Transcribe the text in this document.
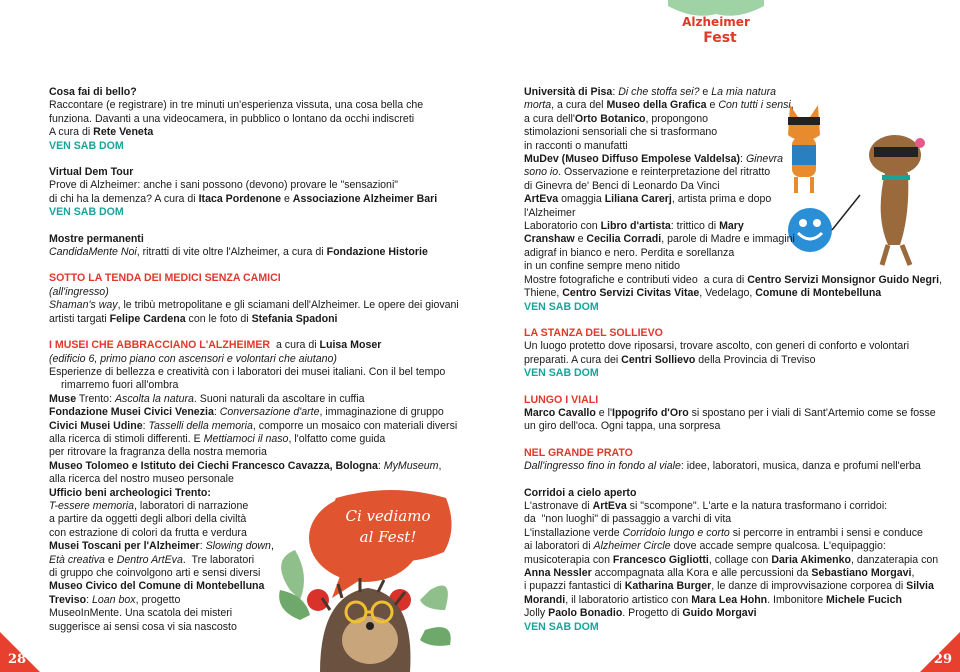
Alzheimer
Fest
Cosa fai di bello?
Raccontare (e registrare) in tre minuti un'esperienza vissuta, una cosa bella che
funziona. Davanti a una videocamera, in pubblico o lontano da occhi indiscreti
A cura di Rete Veneta
VEN SAB DOM
Virtual Dem Tour
Prove di Alzheimer: anche i sani possono (devono) provare le "sensazioni"
di chi ha la demenza? A cura di Itaca Pordenone e Associazione Alzheimer Bari
VEN SAB DOM
Mostre permanenti
CandidaMente Noi, ritratti di vite oltre l'Alzheimer, a cura di Fondazione Historie
SOTTO LA TENDA DEI MEDICI SENZA CAMICI
(all'ingresso)
Shaman's way, le tribù metropolitane e gli sciamani dell'Alzheimer. Le opere dei giovani
artisti targati Felipe Cardena con le foto di Stefania Spadoni
I MUSEI CHE ABBRACCIANO L'ALZHEIMER  a cura di Luisa Moser
(edificio 6, primo piano con ascensori e volontari che aiutano)
Esperienze di bellezza e creatività con i laboratori dei musei italiani. Con il bel tempo
rimarremo fuori all'ombra
Muse Trento: Ascolta la natura. Suoni naturali da ascoltare in cuffia
Fondazione Musei Civici Venezia: Conversazione d'arte, immaginazione di gruppo
Civici Musei Udine: Tasselli della memoria, comporre un mosaico con materiali diversi
alla ricerca di stimoli differenti. E Mettiamoci il naso, l'olfatto come guida
per ritrovare la fragranza della nostra memoria
Museo Tolomeo e Istituto dei Ciechi Francesco Cavazza, Bologna: MyMuseum,
alla ricerca del nostro museo personale
Ufficio beni archeologici Trento:
T-essere memoria, laboratori di narrazione
a partire da oggetti degli albori della civiltà
con estrazione di colori da frutta e verdura
Musei Toscani per l'Alzheimer: Slowing down,
Età creativa e Dentro ArtEva.  Tre laboratori
di gruppo che coinvolgono arti e sensi diversi
Museo Civico del Comune di Montebelluna
Treviso: Loan box, progetto
MuseoInMente. Una scatola dei misteri
suggerisce ai sensi cosa vi sia nascosto
Ci vediamo
al Fest!
Università di Pisa: Di che stoffa sei? e La mia natura
morta, a cura del Museo della Grafica e Con tutti i sensi,
a cura dell'Orto Botanico, propongono
stimolazioni sensoriali che si trasformano
in racconti o manufatti
MuDev (Museo Diffuso Empolese Valdelsa): Ginevra
sono io. Osservazione e reinterpretazione del ritratto
di Ginevra de' Benci di Leonardo Da Vinci
ArtEva omaggia Liliana Carerj, artista prima e dopo
l'Alzheimer
Laboratorio con Libro d'artista: trittico di Mary
Cranshaw e Cecilia Corradi, parole di Madre e immagini
adigraf in bianco e nero. Perdita e sorellanza
in un confine sempre meno nitido
Mostre fotografiche e contributi video  a cura di Centro Servizi Monsignor Guido Negri,
Thiene, Centro Servizi Civitas Vitae, Vedelago, Comune di Montebelluna
VEN SAB DOM
LA STANZA DEL SOLLIEVO
Un luogo protetto dove riposarsi, trovare ascolto, con generi di conforto e volontari
preparati. A cura dei Centri Sollievo della Provincia di Treviso
VEN SAB DOM
LUNGO I VIALI
Marco Cavallo e l'Ippogrifo d'Oro si spostano per i viali di Sant'Artemio come se fosse
un giro dell'oca. Ogni tappa, una sorpresa
NEL GRANDE PRATO
Dall'ingresso fino in fondo al viale: idee, laboratori, musica, danza e profumi nell'erba
Corridoi a cielo aperto
L'astronave di ArtEva si "scompone". L'arte e la natura trasformano i corridoi:
da  "non luoghi" di passaggio a varchi di vita
L'installazione verde Corridoio lungo e corto si percorre in entrambi i sensi e conduce
ai laboratori di Alzheimer Circle dove accade sempre qualcosa. L'equipaggio:
musicoterapia con Francesco Gigliotti, collage con Daria Akimenko, danzaterapia con
Anna Nessler accompagnata alla Kora e alle percussioni da Sebastiano Morgavi,
i pupazzi fantastici di Katharina Burger, le danze di improvvisazione corporea di Silvia
Morandi, il laboratorio artistico con Mara Lea Hohn. Imbonitore Michele Fucich
Jolly Paolo Bonadio. Progetto di Guido Morgavi
VEN SAB DOM
28	29
